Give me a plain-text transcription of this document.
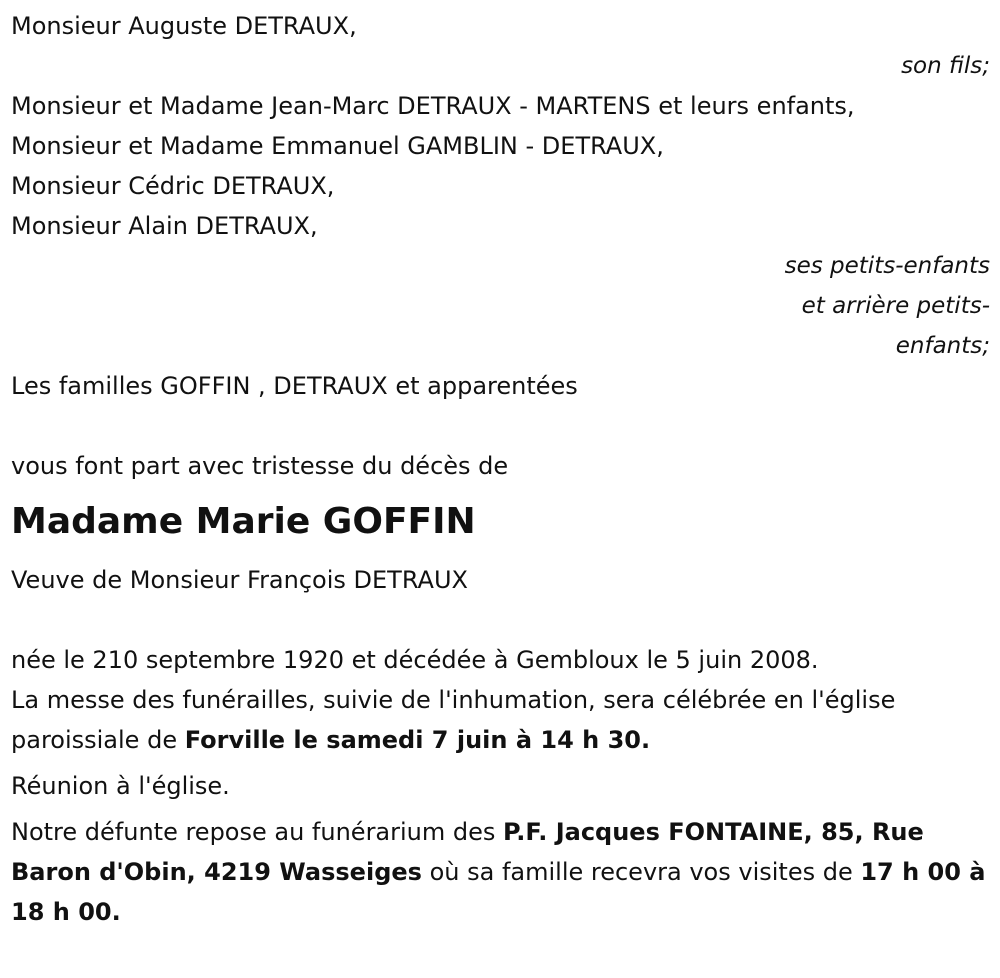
Monsieur Auguste DETRAUX,
son fils;
Monsieur et Madame Jean-Marc DETRAUX - MARTENS et leurs enfants,
Monsieur et Madame Emmanuel GAMBLIN - DETRAUX,
Monsieur Cédric DETRAUX,
Monsieur Alain DETRAUX,
ses petits-enfants
et arrière petits-
enfants;
Les familles GOFFIN , DETRAUX et apparentées
vous font part avec tristesse du décès de
Madame Marie GOFFIN
Veuve de Monsieur François DETRAUX
née le 210 septembre 1920 et décédée à Gembloux le 5 juin 2008.
La messe des funérailles, suivie de l'inhumation, sera célébrée en l'église paroissiale de Forville le samedi 7 juin à 14 h 30.
Réunion à l'église.
Notre défunte repose au funérarium des P.F. Jacques FONTAINE, 85, Rue Baron d'Obin, 4219 Wasseiges où sa famille recevra vos visites de 17 h 00 à 18 h 00.
